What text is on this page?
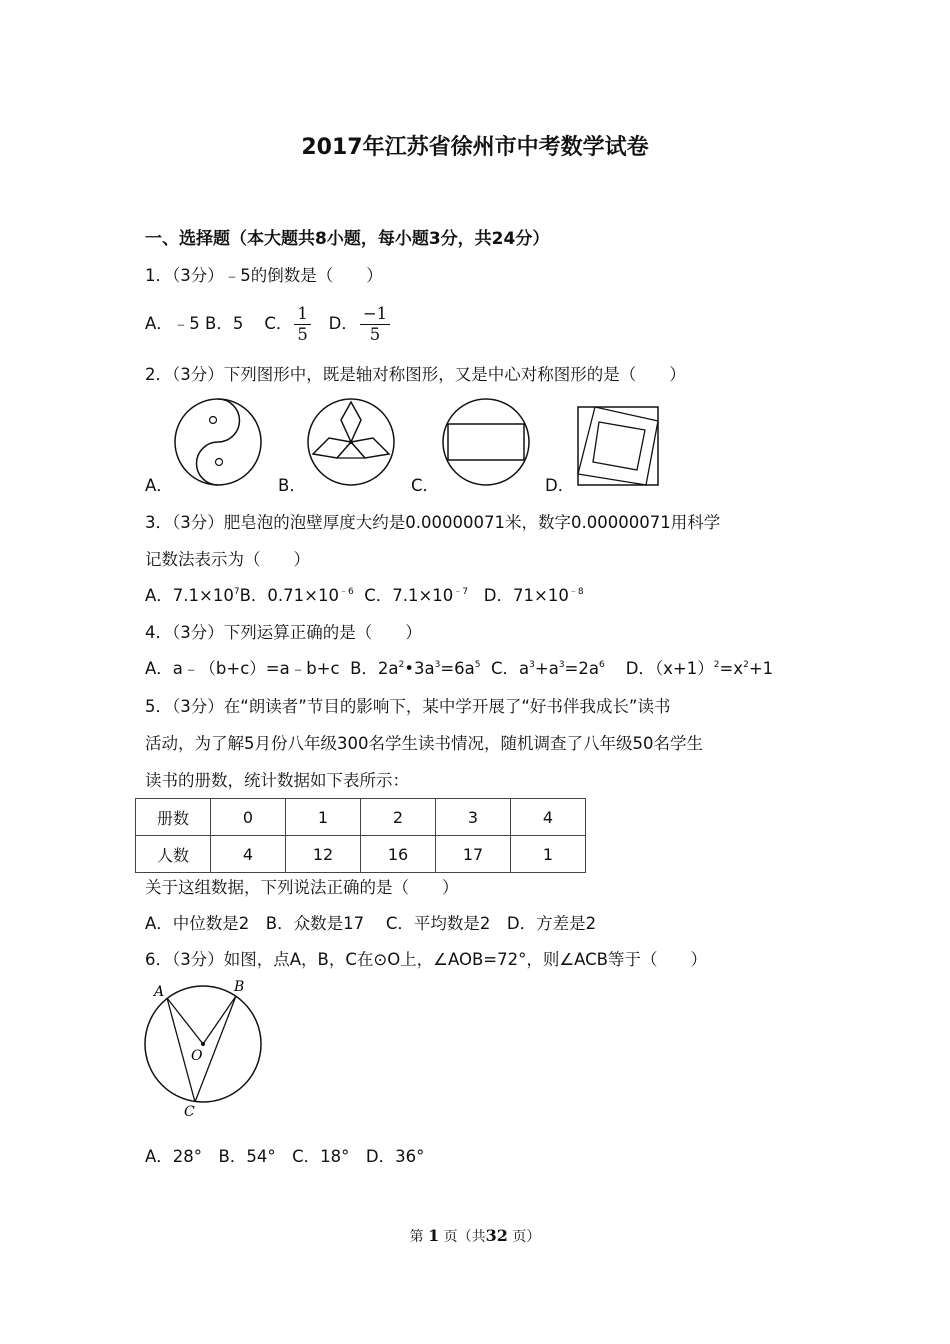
2017年江苏省徐州市中考数学试卷
一、选择题（本大题共8小题，每小题3分，共24分）
1．（3分）﹣5的倒数是（　　）
A．﹣5 B．5 C． $\frac{1}{5}$ D． $\frac{-1}{5}$
2．（3分）下列图形中，既是轴对称图形，又是中心对称图形的是（　　）
A．	B．	C．	D．
3．（3分）肥皂泡的泡壁厚度大约是0.00000071米，数字0.00000071用科学
记数法表示为（　　）
A．$7.1\times 10^7B$．$0.71\times 10^{﹣6}$ C．$7.1\times 10^{﹣7}$ D．$71\times 10^{﹣8}$
4．（3分）下列运算正确的是（　　）
A．a﹣（b+c）=a﹣b+c B．$2a^2•3a^3=6a^5$ C．$a^3+a^3=2a^6$ D．$(x+1)^2=x^2+1$
5．（3分）在“朗读者”节目的影响下，某中学开展了“好书伴我成长”读书
活动，为了解5月份八年级300名学生读书情况，随机调查了八年级50名学生
读书的册数，统计数据如下表所示：
册数	0	1	2	3	4
人数	4	12	16	17	1
关于这组数据，下列说法正确的是（　　）
A．中位数是2　B．众数是17　 C．平均数是2　D．方差是2
6．（3分）如图，点A，B，C在⊙O上，∠AOB=72°，则∠ACB等于（　　）
A	B
O
C
A．28°　B．54°　C．18°　D．36°
第 1 页（共32 页）
